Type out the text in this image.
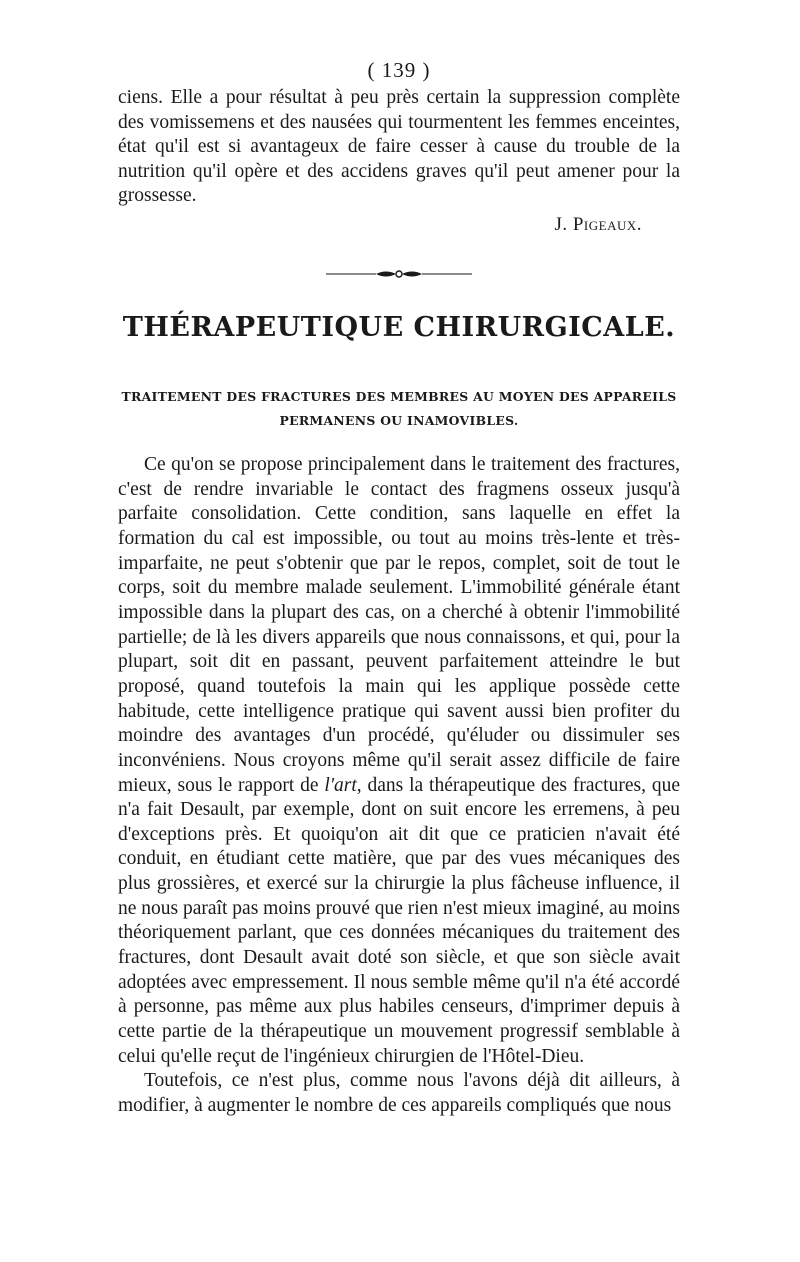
( 139 )

ciens. Elle a pour résultat à peu près certain la suppression complète des vomissemens et des nausées qui tourmentent les femmes enceintes, état qu'il est si avantageux de faire cesser à cause du trouble de la nutrition qu'il opère et des accidens graves qu'il peut amener pour la grossesse.

J. Pigeaux.
THÉRAPEUTIQUE CHIRURGICALE.
TRAITEMENT DES FRACTURES DES MEMBRES AU MOYEN DES APPAREILS
PERMANENS OU INAMOVIBLES.

Ce qu'on se propose principalement dans le traitement des fractures, c'est de rendre invariable le contact des fragmens osseux jusqu'à parfaite consolidation. Cette condition, sans laquelle en effet la formation du cal est impossible, ou tout au moins très-lente et très-imparfaite, ne peut s'obtenir que par le repos, complet, soit de tout le corps, soit du membre malade seulement. L'immobilité générale étant impossible dans la plupart des cas, on a cherché à obtenir l'immobilité partielle; de là les divers appareils que nous connaissons, et qui, pour la plupart, soit dit en passant, peuvent parfaitement atteindre le but proposé, quand toutefois la main qui les applique possède cette habitude, cette intelligence pratique qui savent aussi bien profiter du moindre des avantages d'un procédé, qu'éluder ou dissimuler ses inconvéniens. Nous croyons même qu'il serait assez difficile de faire mieux, sous le rapport de l'art, dans la thérapeutique des fractures, que n'a fait Desault, par exemple, dont on suit encore les erremens, à peu d'exceptions près. Et quoiqu'on ait dit que ce praticien n'avait été conduit, en étudiant cette matière, que par des vues mécaniques des plus grossières, et exercé sur la chirurgie la plus fâcheuse influence, il ne nous paraît pas moins prouvé que rien n'est mieux imaginé, au moins théoriquement parlant, que ces données mécaniques du traitement des fractures, dont Desault avait doté son siècle, et que son siècle avait adoptées avec empressement. Il nous semble même qu'il n'a été accordé à personne, pas même aux plus habiles censeurs, d'imprimer depuis à cette partie de la thérapeutique un mouvement progressif semblable à celui qu'elle reçut de l'ingénieux chirurgien de l'Hôtel-Dieu.

Toutefois, ce n'est plus, comme nous l'avons déjà dit ailleurs, à modifier, à augmenter le nombre de ces appareils compliqués que nous
